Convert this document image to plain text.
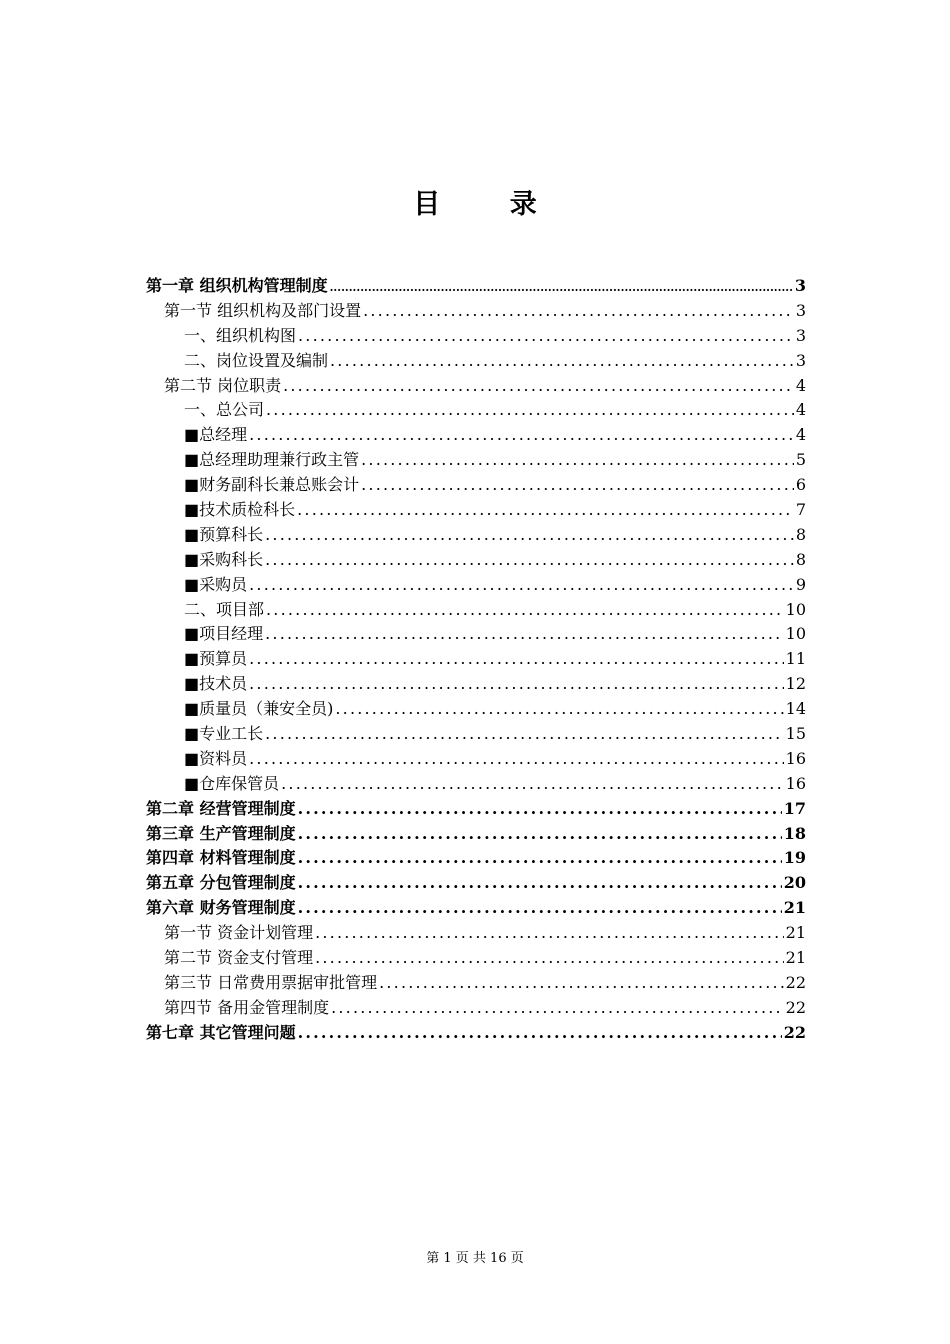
目 录
第一章 组织机构管理制度 .....	3
第一节 组织机构及部门设置 .....	3
一、组织机构图 .....	3
二、岗位设置及编制 .....	3
第二节 岗位职责 .....	4
一、总公司 .....	4
■总经理 .....	4
■总经理助理兼行政主管 .....	5
■财务副科长兼总账会计 .....	6
■技术质检科长 .....	7
■预算科长 .....	8
■采购科长 .....	8
■采购员 .....	9
二、项目部 .....	10
■项目经理 .....	10
■预算员 .....	11
■技术员 .....	12
■质量员（兼安全员) .....	14
■专业工长 .....	15
■资料员 .....	16
■仓库保管员 .....	16
第二章 经营管理制度 .....	17
第三章 生产管理制度 .....	18
第四章 材料管理制度 .....	19
第五章 分包管理制度 .....	20
第六章 财务管理制度 .....	21
第一节 资金计划管理 .....	21
第二节 资金支付管理 .....	21
第三节 日常费用票据审批管理 .....	22
第四节 备用金管理制度 .....	22
第七章 其它管理问题 .....	22
第 1 页 共 16 页
